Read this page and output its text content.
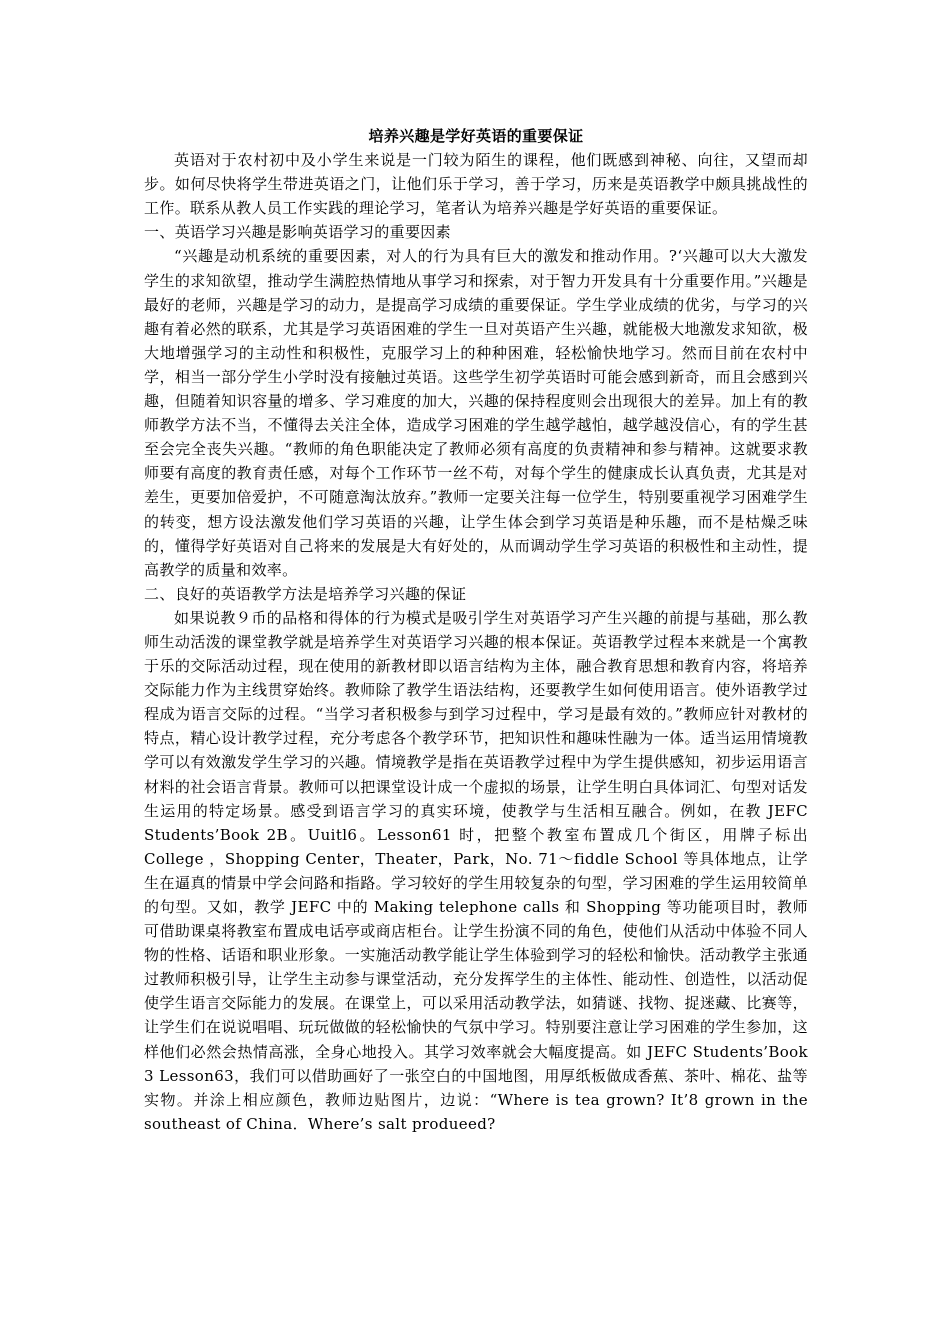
培养兴趣是学好英语的重要保证

英语对于农村初中及小学生来说是一门较为陌生的课程，他们既感到神秘、向往，又望而却步。如何尽快将学生带进英语之门，让他们乐于学习，善于学习，历来是英语教学中颇具挑战性的工作。联系从教人员工作实践的理论学习，笔者认为培养兴趣是学好英语的重要保证。

一、英语学习兴趣是影响英语学习的重要因素

“兴趣是动机系统的重要因素，对人的行为具有巨大的激发和推动作用。?‘兴趣可以大大激发学生的求知欲望，推动学生满腔热情地从事学习和探索，对于智力开发具有十分重要作用。”兴趣是最好的老师，兴趣是学习的动力，是提高学习成绩的重要保证。学生学业成绩的优劣，与学习的兴趣有着必然的联系，尤其是学习英语困难的学生一旦对英语产生兴趣，就能极大地激发求知欲，极大地增强学习的主动性和积极性，克服学习上的种种困难，轻松愉快地学习。然而目前在农村中学，相当一部分学生小学时没有接触过英语。这些学生初学英语时可能会感到新奇，而且会感到兴趣，但随着知识容量的增多、学习难度的加大，兴趣的保持程度则会出现很大的差异。加上有的教师教学方法不当，不懂得去关注全体，造成学习困难的学生越学越怕，越学越没信心，有的学生甚至会完全丧失兴趣。“教师的角色职能决定了教师必须有高度的负责精神和参与精神。这就要求教师要有高度的教育责任感，对每个工作环节一丝不苟，对每个学生的健康成长认真负责，尤其是对差生，更要加倍爱护，不可随意淘汰放弃。”教师一定要关注每一位学生，特别要重视学习困难学生的转变，想方设法激发他们学习英语的兴趣，让学生体会到学习英语是种乐趣，而不是枯燥乏味的，懂得学好英语对自己将来的发展是大有好处的，从而调动学生学习英语的积极性和主动性，提高教学的质量和效率。

二、良好的英语教学方法是培养学习兴趣的保证

如果说教９币的品格和得体的行为模式是吸引学生对英语学习产生兴趣的前提与基础，那么教师生动活泼的课堂教学就是培养学生对英语学习兴趣的根本保证。英语教学过程本来就是一个寓教于乐的交际活动过程，现在使用的新教材即以语言结构为主体，融合教育思想和教育内容，将培养交际能力作为主线贯穿始终。教师除了教学生语法结构，还要教学生如何使用语言。使外语教学过程成为语言交际的过程。“当学习者积极参与到学习过程中，学习是最有效的。”教师应针对教材的特点，精心设计教学过程，充分考虑各个教学环节，把知识性和趣味性融为一体。适当运用情境教学可以有效激发学生学习的兴趣。情境教学是指在英语教学过程中为学生提供感知，初步运用语言材料的社会语言背景。教师可以把课堂设计成一个虚拟的场景，让学生明白具体词汇、句型对话发生运用的特定场景。感受到语言学习的真实环境，使教学与生活相互融合。例如，在教 JEFC Students’Book 2B。Uuitl6。Lesson61 时，把整个教室布置成几个街区，用牌子标出 College ，Shopping Center，Theater，Park，No. 71～fiddle School 等具体地点，让学生在逼真的情景中学会问路和指路。学习较好的学生用较复杂的句型，学习困难的学生运用较简单的句型。又如，教学 JEFC 中的 Making telephone calls 和 Shopping 等功能项目时，教师可借助课桌将教室布置成电话亭或商店柜台。让学生扮演不同的角色，使他们从活动中体验不同人物的性格、话语和职业形象。一实施活动教学能让学生体验到学习的轻松和愉快。活动教学主张通过教师积极引导，让学生主动参与课堂活动，充分发挥学生的主体性、能动性、创造性，以活动促使学生语言交际能力的发展。在课堂上，可以采用活动教学法，如猜谜、找物、捉迷藏、比赛等，让学生们在说说唱唱、玩玩做做的轻松愉快的气氛中学习。特别要注意让学习困难的学生参加，这样他们必然会热情高涨，全身心地投入。其学习效率就会大幅度提高。如 JEFC Students’Book 3 Lesson63，我们可以借助画好了一张空白的中国地图，用厚纸板做成香蕉、茶叶、棉花、盐等实物。并涂上相应颜色，教师边贴图片，边说：“Where is tea grown? It’8 grown in the southeast of China．Where’s salt produeed?
